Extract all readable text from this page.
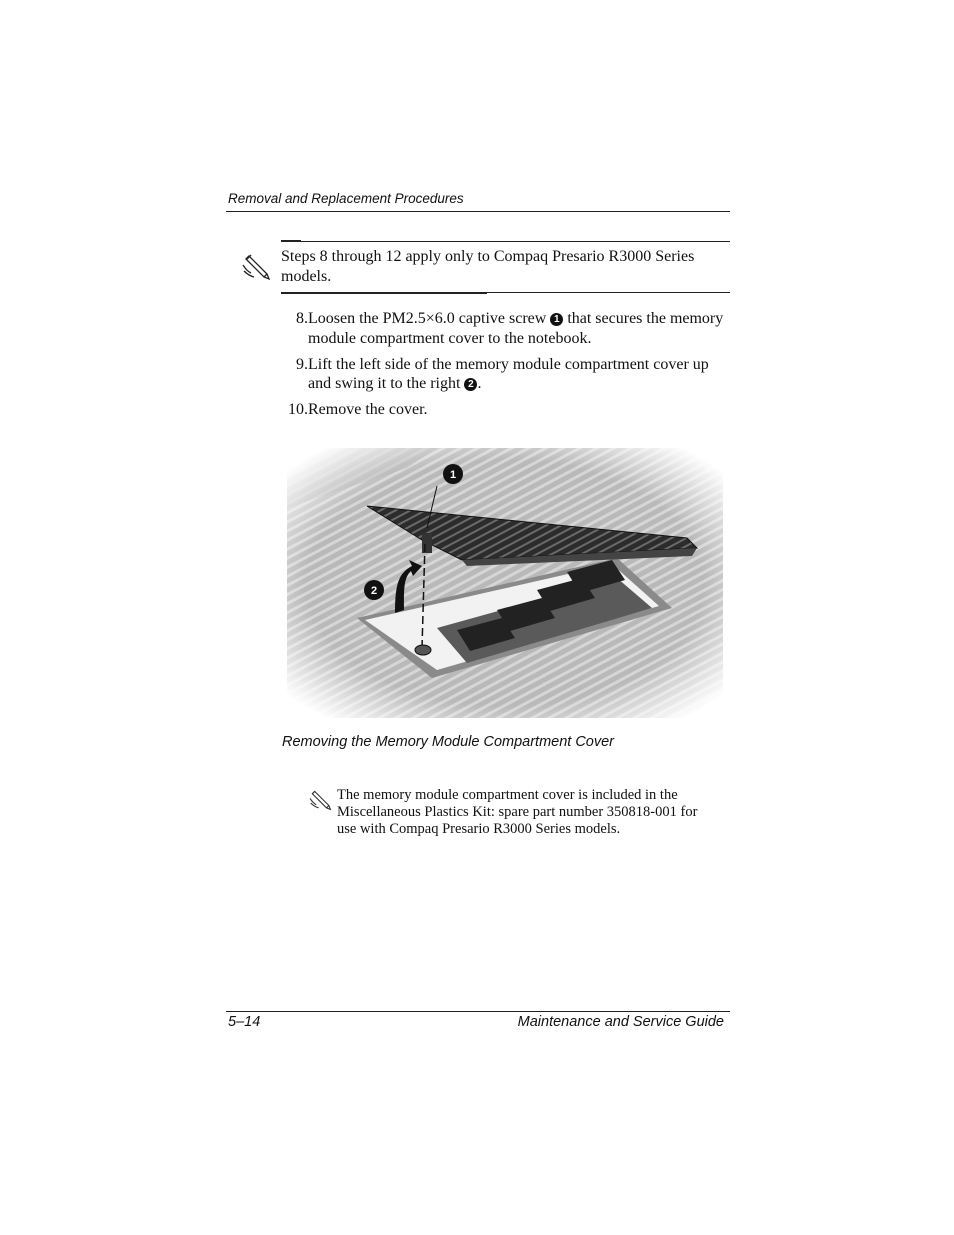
Removal and Replacement Procedures
Steps 8 through 12 apply only to Compaq Presario R3000 Series models.
8. Loosen the PM2.5×6.0 captive screw 1 that secures the memory module compartment cover to the notebook.
9. Lift the left side of the memory module compartment cover up and swing it to the right 2 .
10. Remove the cover.
Removing the Memory Module Compartment Cover
The memory module compartment cover is included in the Miscellaneous Plastics Kit: spare part number 350818-001 for use with Compaq Presario R3000 Series models.
5–14	Maintenance and Service Guide
